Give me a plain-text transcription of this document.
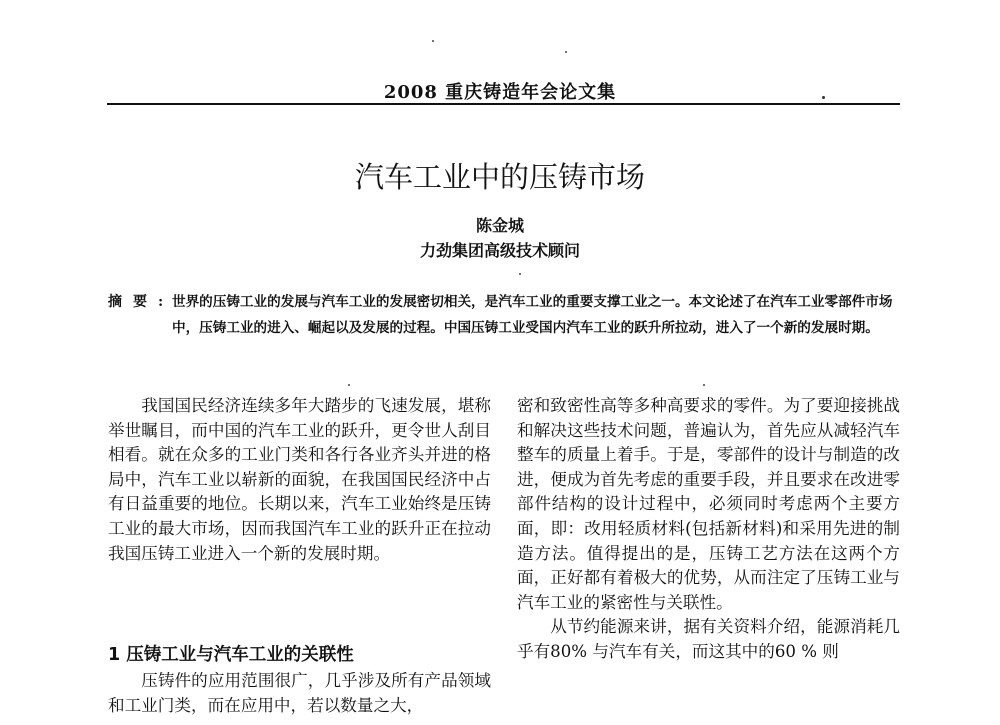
2008 重庆铸造年会论文集
汽车工业中的压铸市场
陈金城
力劲集团高级技术顾问
摘要:
世界的压铸工业的发展与汽车工业的发展密切相关，是汽车工业的重要支撑工业之一。本文论述了在汽车工业零部件市场中，压铸工业的进入、崛起以及发展的过程。中国压铸工业受国内汽车工业的跃升所拉动，进入了一个新的发展时期。

我国国民经济连续多年大踏步的飞速发展，堪称举世瞩目，而中国的汽车工业的跃升，更令世人刮目相看。就在众多的工业门类和各行各业齐头并进的格局中，汽车工业以崭新的面貌，在我国国民经济中占有日益重要的地位。长期以来，汽车工业始终是压铸工业的最大市场，因而我国汽车工业的跃升正在拉动我国压铸工业进入一个新的发展时期。

1 压铸工业与汽车工业的关联性

压铸件的应用范围很广，几乎涉及所有产品领域和工业门类，而在应用中，若以数量之大，

密和致密性高等多种高要求的零件。为了要迎接挑战和解决这些技术问题，普遍认为，首先应从减轻汽车整车的质量上着手。于是，零部件的设计与制造的改进，便成为首先考虑的重要手段，并且要求在改进零部件结构的设计过程中，必须同时考虑两个主要方面，即：改用轻质材料(包括新材料)和采用先进的制造方法。值得提出的是，压铸工艺方法在这两个方面，正好都有着极大的优势，从而注定了压铸工业与汽车工业的紧密性与关联性。

从节约能源来讲，据有关资料介绍，能源消耗几乎有80% 与汽车有关，而这其中的60 % 则
